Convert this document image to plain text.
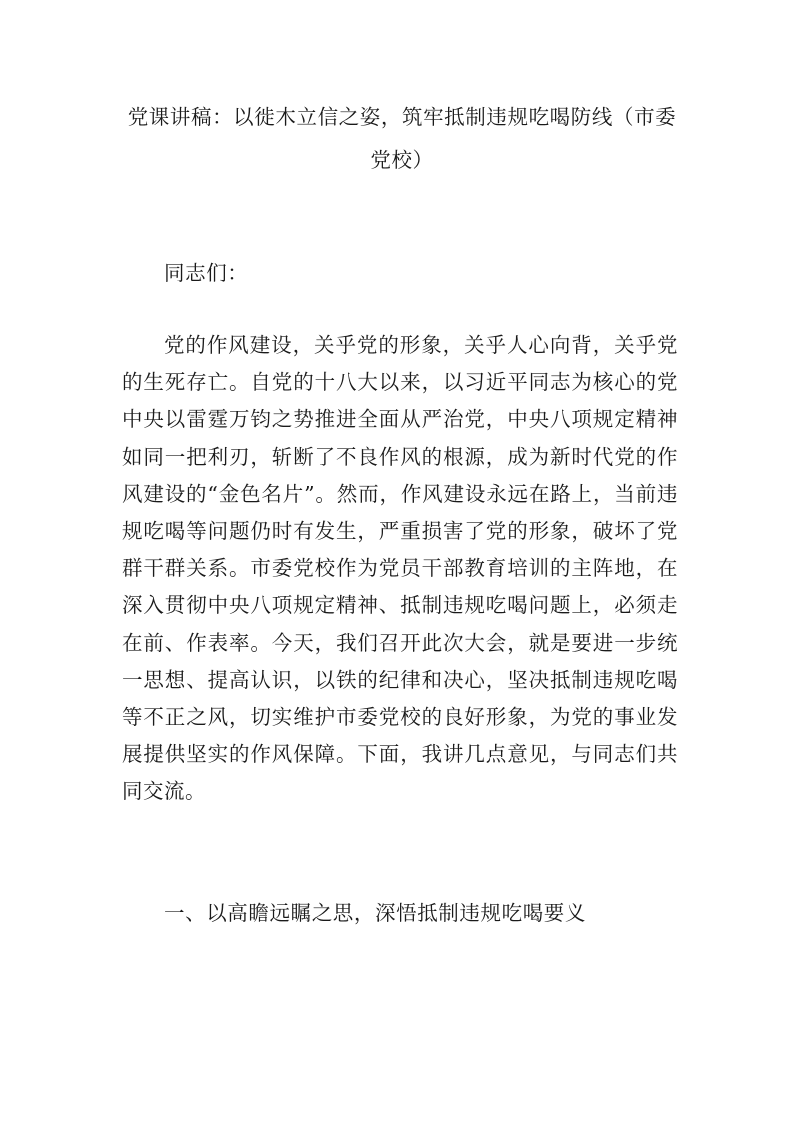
党课讲稿：以徙木立信之姿，筑牢抵制违规吃喝防线（市委党校）

同志们：

党的作风建设，关乎党的形象，关乎人心向背，关乎党的生死存亡。自党的十八大以来，以习近平同志为核心的党中央以雷霆万钧之势推进全面从严治党，中央八项规定精神如同一把利刃，斩断了不良作风的根源，成为新时代党的作风建设的“金色名片”。然而，作风建设永远在路上，当前违规吃喝等问题仍时有发生，严重损害了党的形象，破坏了党群干群关系。市委党校作为党员干部教育培训的主阵地，在深入贯彻中央八项规定精神、抵制违规吃喝问题上，必须走在前、作表率。今天，我们召开此次大会，就是要进一步统一思想、提高认识，以铁的纪律和决心，坚决抵制违规吃喝等不正之风，切实维护市委党校的良好形象，为党的事业发展提供坚实的作风保障。下面，我讲几点意见，与同志们共同交流。

一、以高瞻远瞩之思，深悟抵制违规吃喝要义
